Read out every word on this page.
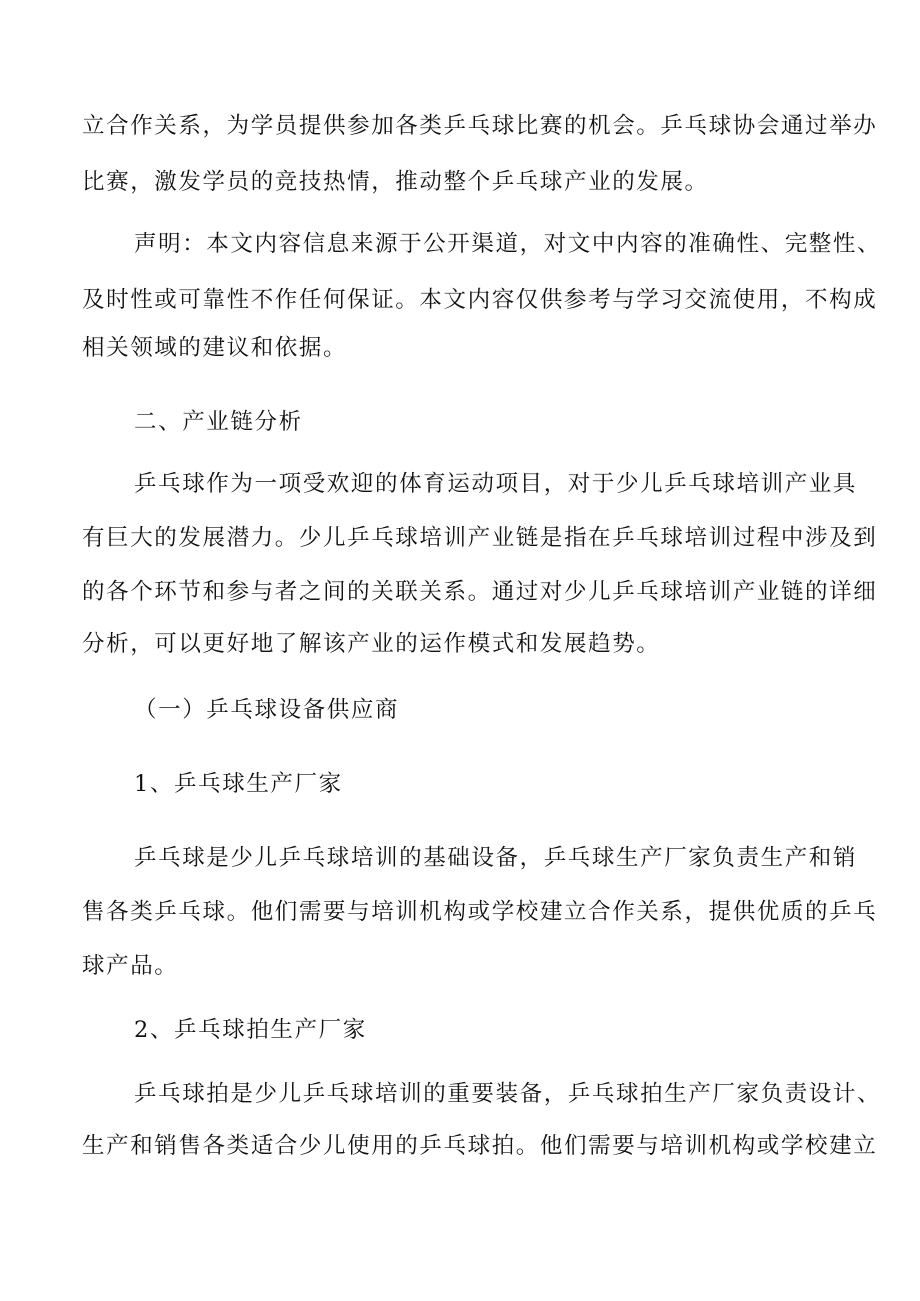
立合作关系，为学员提供参加各类乒乓球比赛的机会。乒乓球协会通过举办
比赛，激发学员的竞技热情，推动整个乒乓球产业的发展。
声明：本文内容信息来源于公开渠道，对文中内容的准确性、完整性、
及时性或可靠性不作任何保证。本文内容仅供参考与学习交流使用，不构成
相关领域的建议和依据。
二、产业链分析
乒乓球作为一项受欢迎的体育运动项目，对于少儿乒乓球培训产业具
有巨大的发展潜力。少儿乒乓球培训产业链是指在乒乓球培训过程中涉及到
的各个环节和参与者之间的关联关系。通过对少儿乒乓球培训产业链的详细
分析，可以更好地了解该产业的运作模式和发展趋势。
（一）乒乓球设备供应商
1、乒乓球生产厂家
乒乓球是少儿乒乓球培训的基础设备，乒乓球生产厂家负责生产和销
售各类乒乓球。他们需要与培训机构或学校建立合作关系，提供优质的乒乓
球产品。
2、乒乓球拍生产厂家
乒乓球拍是少儿乒乓球培训的重要装备，乒乓球拍生产厂家负责设计、
生产和销售各类适合少儿使用的乒乓球拍。他们需要与培训机构或学校建立
